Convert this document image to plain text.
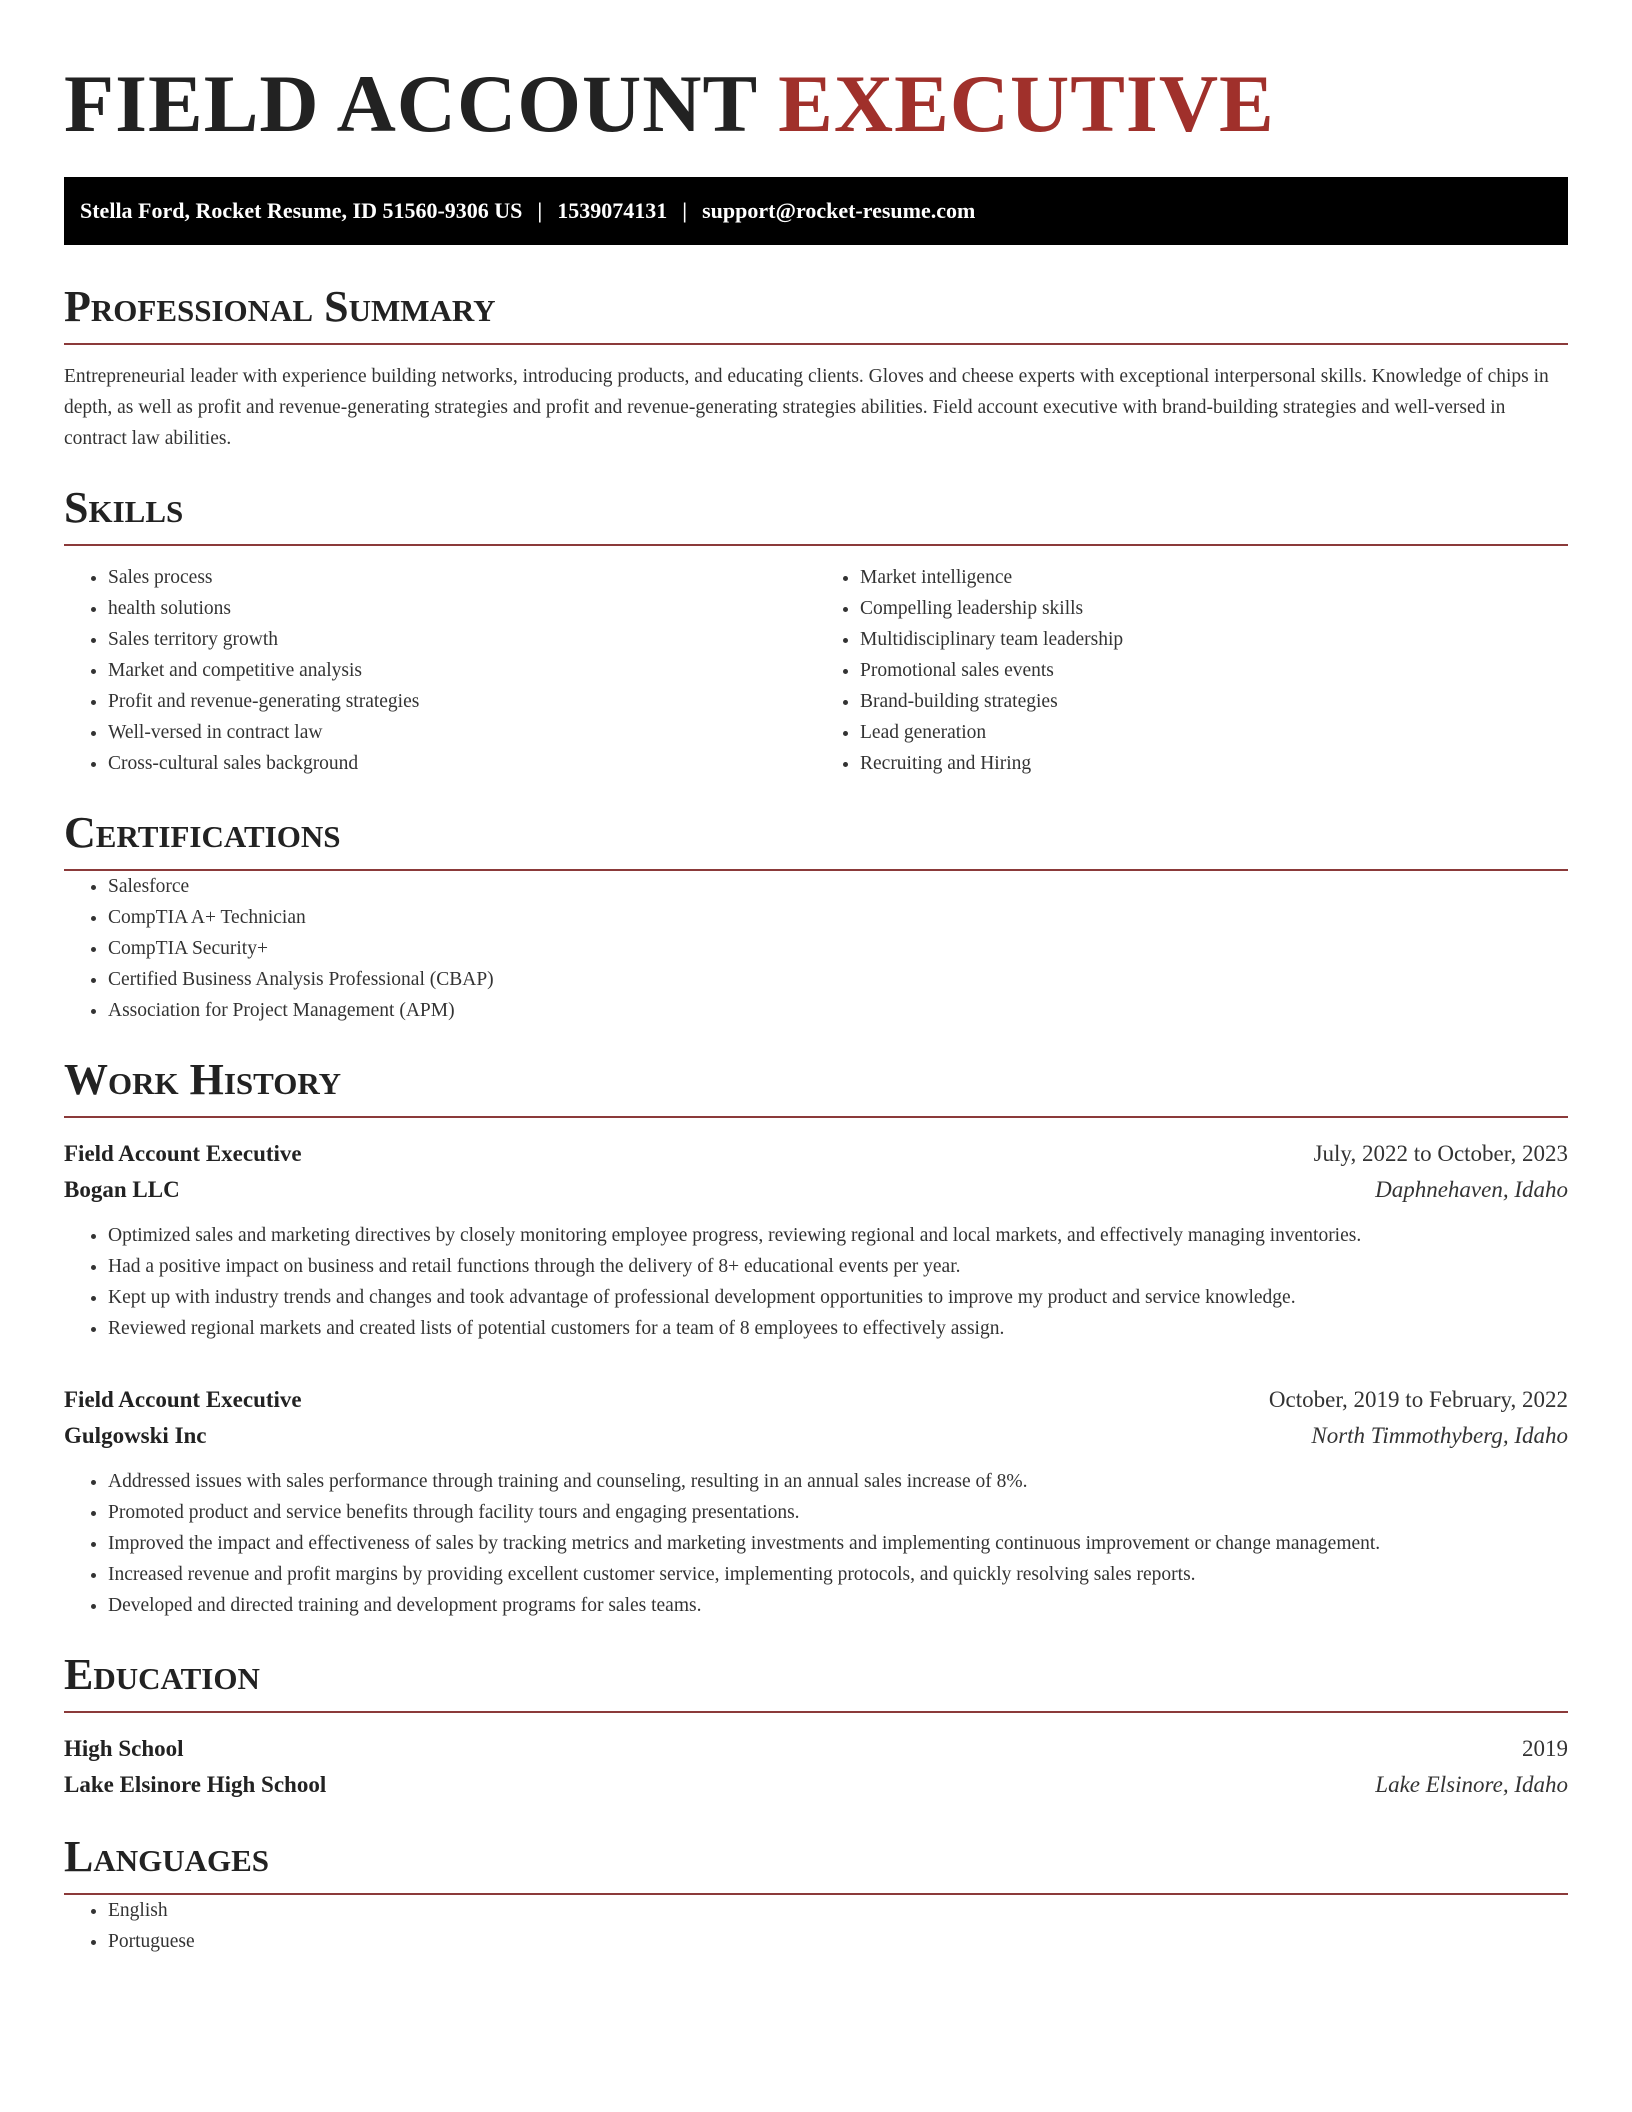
FIELD ACCOUNT EXECUTIVE
Stella Ford, Rocket Resume, ID 51560-9306 US | 1539074131 | support@rocket-resume.com
Professional Summary

Entrepreneurial leader with experience building networks, introducing products, and educating clients. Gloves and cheese experts with exceptional interpersonal skills. Knowledge of chips in depth, as well as profit and revenue-generating strategies and profit and revenue-generating strategies abilities. Field account executive with brand-building strategies and well-versed in contract law abilities.

Skills
• Sales process
• health solutions
• Sales territory growth
• Market and competitive analysis
• Profit and revenue-generating strategies
• Well-versed in contract law
• Cross-cultural sales background
• Market intelligence
• Compelling leadership skills
• Multidisciplinary team leadership
• Promotional sales events
• Brand-building strategies
• Lead generation
• Recruiting and Hiring
Certifications
• Salesforce
• CompTIA A+ Technician
• CompTIA Security+
• Certified Business Analysis Professional (CBAP)
• Association for Project Management (APM)
Work History
Field Account Executive	July, 2022 to October, 2023
Bogan LLC	Daphnehaven, Idaho
• Optimized sales and marketing directives by closely monitoring employee progress, reviewing regional and local markets, and effectively managing inventories.
• Had a positive impact on business and retail functions through the delivery of 8+ educational events per year.
• Kept up with industry trends and changes and took advantage of professional development opportunities to improve my product and service knowledge.
• Reviewed regional markets and created lists of potential customers for a team of 8 employees to effectively assign.
Field Account Executive	October, 2019 to February, 2022
Gulgowski Inc	North Timmothyberg, Idaho
• Addressed issues with sales performance through training and counseling, resulting in an annual sales increase of 8%.
• Promoted product and service benefits through facility tours and engaging presentations.
• Improved the impact and effectiveness of sales by tracking metrics and marketing investments and implementing continuous improvement or change management.
• Increased revenue and profit margins by providing excellent customer service, implementing protocols, and quickly resolving sales reports.
• Developed and directed training and development programs for sales teams.
Education
High School	2019
Lake Elsinore High School	Lake Elsinore, Idaho
Languages
• English
• Portuguese
